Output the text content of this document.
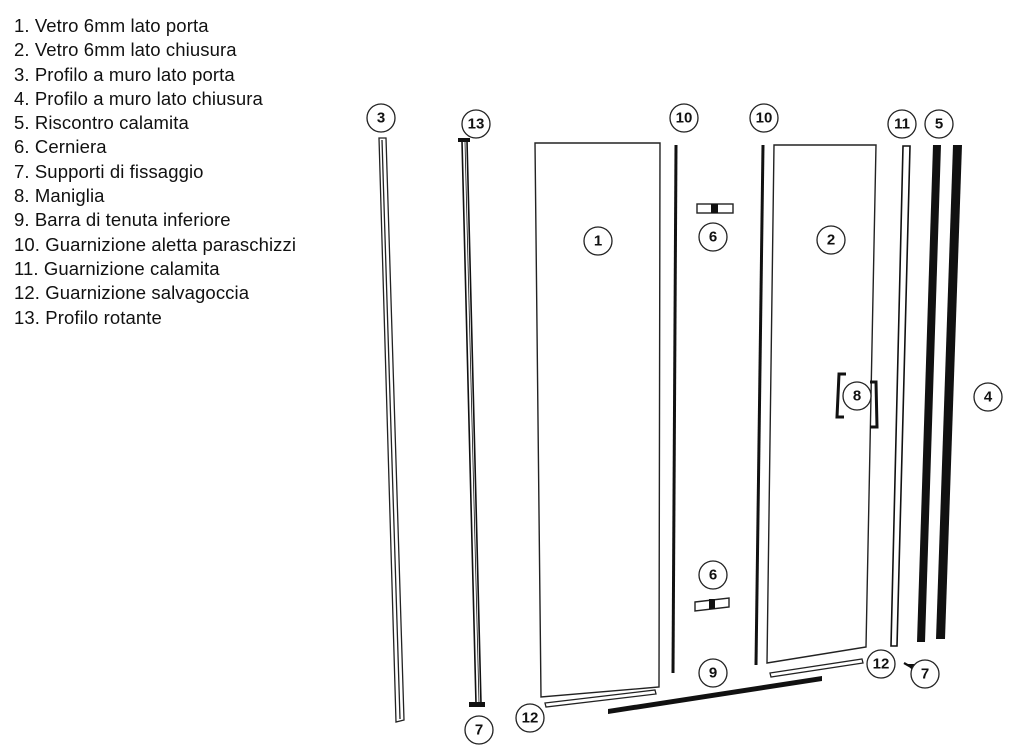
1. Vetro 6mm lato porta
2. Vetro 6mm lato chiusura
3. Profilo a muro lato porta
4. Profilo a muro lato chiusura
5. Riscontro calamita
6. Cerniera
7. Supporti di fissaggio
8. Maniglia
9. Barra di tenuta inferiore
10. Guarnizione aletta paraschizzi
11. Guarnizione calamita
12. Guarnizione salvagoccia
13. Profilo rotante
3	13	10	10	11 5
1	6	2
8	4
6
9
12
12
7
7
